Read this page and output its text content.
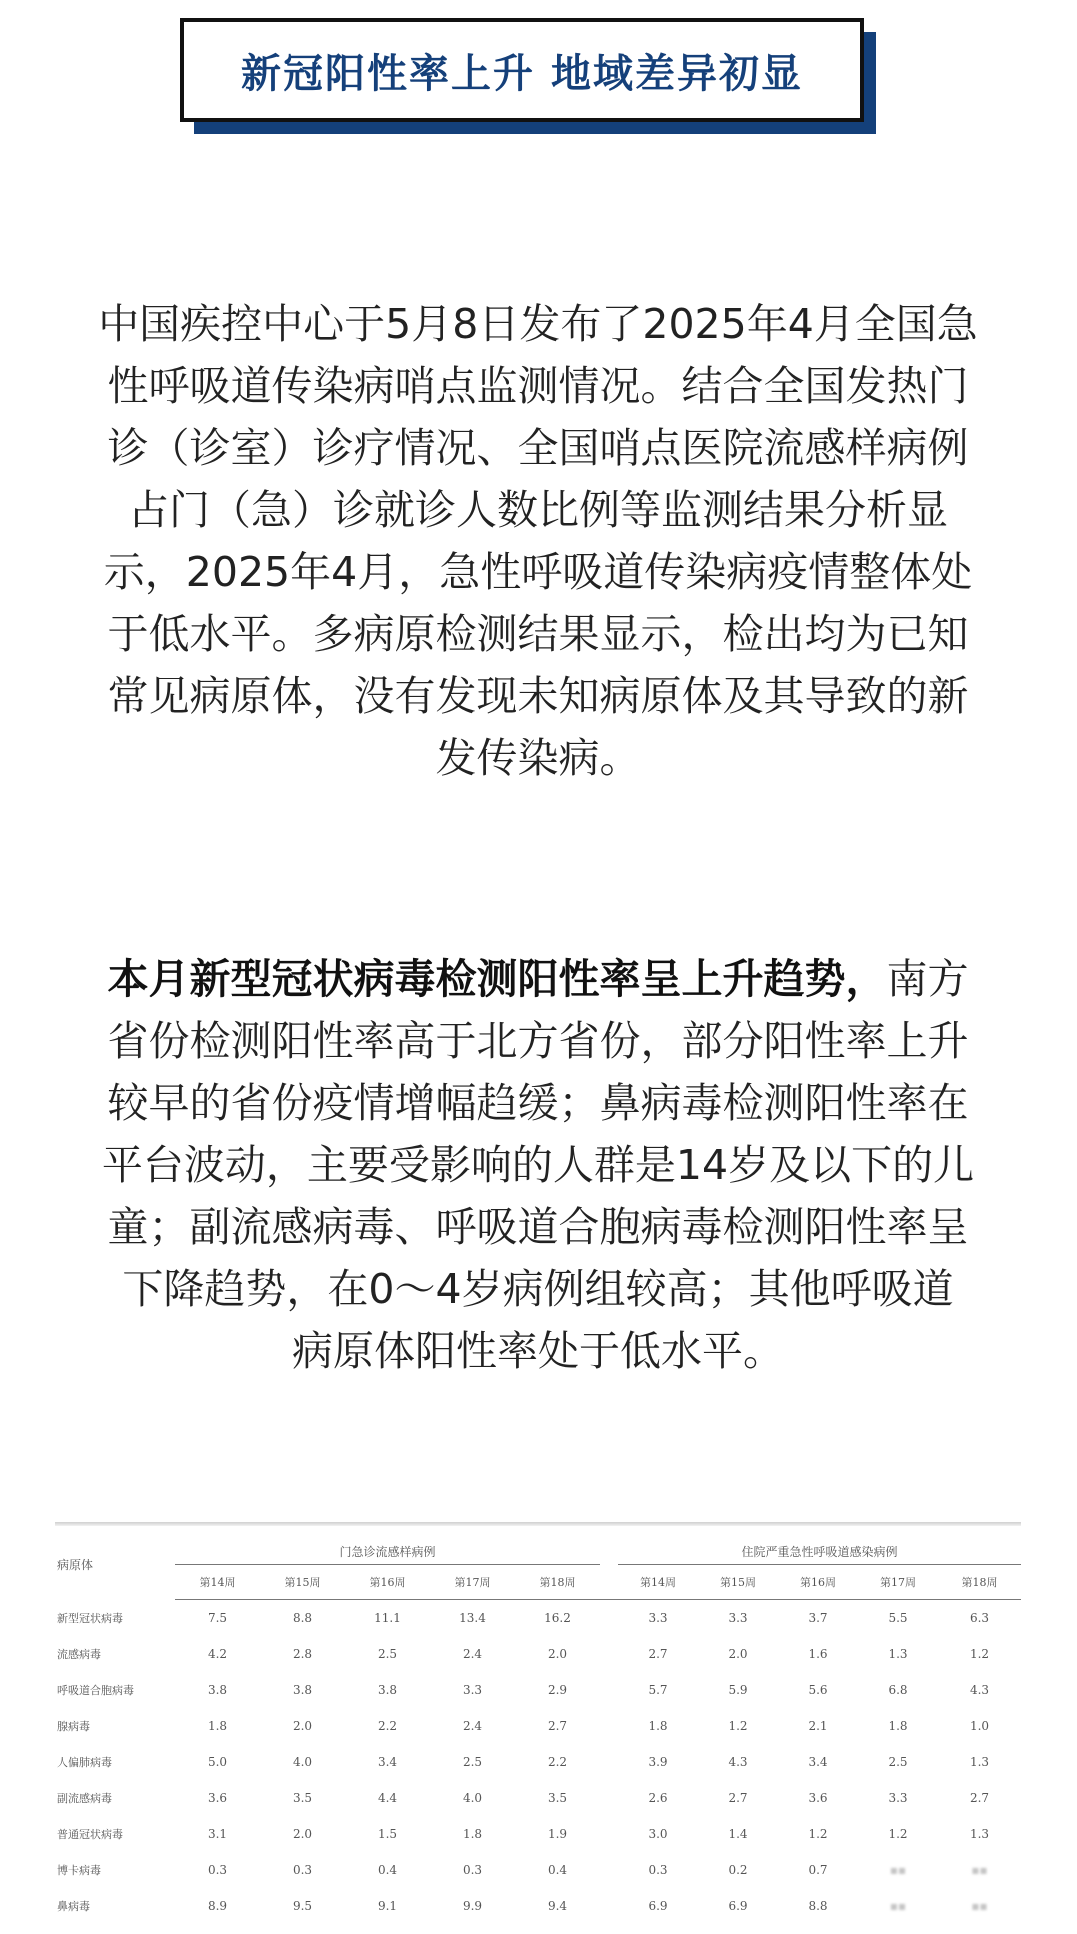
新冠阳性率上升 地域差异初显
中国疾控中心于5月8日发布了2025年4月全国急
性呼吸道传染病哨点监测情况。结合全国发热门
诊（诊室）诊疗情况、全国哨点医院流感样病例
占门（急）诊就诊人数比例等监测结果分析显
示，2025年4月，急性呼吸道传染病疫情整体处
于低水平。多病原检测结果显示，检出均为已知
常见病原体，没有发现未知病原体及其导致的新
发传染病。
本月新型冠状病毒检测阳性率呈上升趋势，南方
省份检测阳性率高于北方省份，部分阳性率上升
较早的省份疫情增幅趋缓；鼻病毒检测阳性率在
平台波动，主要受影响的人群是14岁及以下的儿
童；副流感病毒、呼吸道合胞病毒检测阳性率呈
下降趋势，在0～4岁病例组较高；其他呼吸道
病原体阳性率处于低水平。
病原体	门急诊流感样病例						住院严重急性呼吸道感染病例				
	第14周	第15周	第16周	第17周	第18周		第14周	第15周	第16周	第17周	第18周
新型冠状病毒	7.5	8.8	11.1	13.4	16.2		3.3	3.3	3.7	5.5	6.3
流感病毒	4.2	2.8	2.5	2.4	2.0		2.7	2.0	1.6	1.3	1.2
呼吸道合胞病毒	3.8	3.8	3.8	3.3	2.9		5.7	5.9	5.6	6.8	4.3
腺病毒	1.8	2.0	2.2	2.4	2.7		1.8	1.2	2.1	1.8	1.0
人偏肺病毒	5.0	4.0	3.4	2.5	2.2		3.9	4.3	3.4	2.5	1.3
副流感病毒	3.6	3.5	4.4	4.0	3.5		2.6	2.7	3.6	3.3	2.7
普通冠状病毒	3.1	2.0	1.5	1.8	1.9		3.0	1.4	1.2	1.2	1.3
博卡病毒	0.3	0.3	0.4	0.3	0.4		0.3	0.2	0.7	▪▪	▪▪
鼻病毒	8.9	9.5	9.1	9.9	9.4		6.9	6.9	8.8	▪▪	▪▪
